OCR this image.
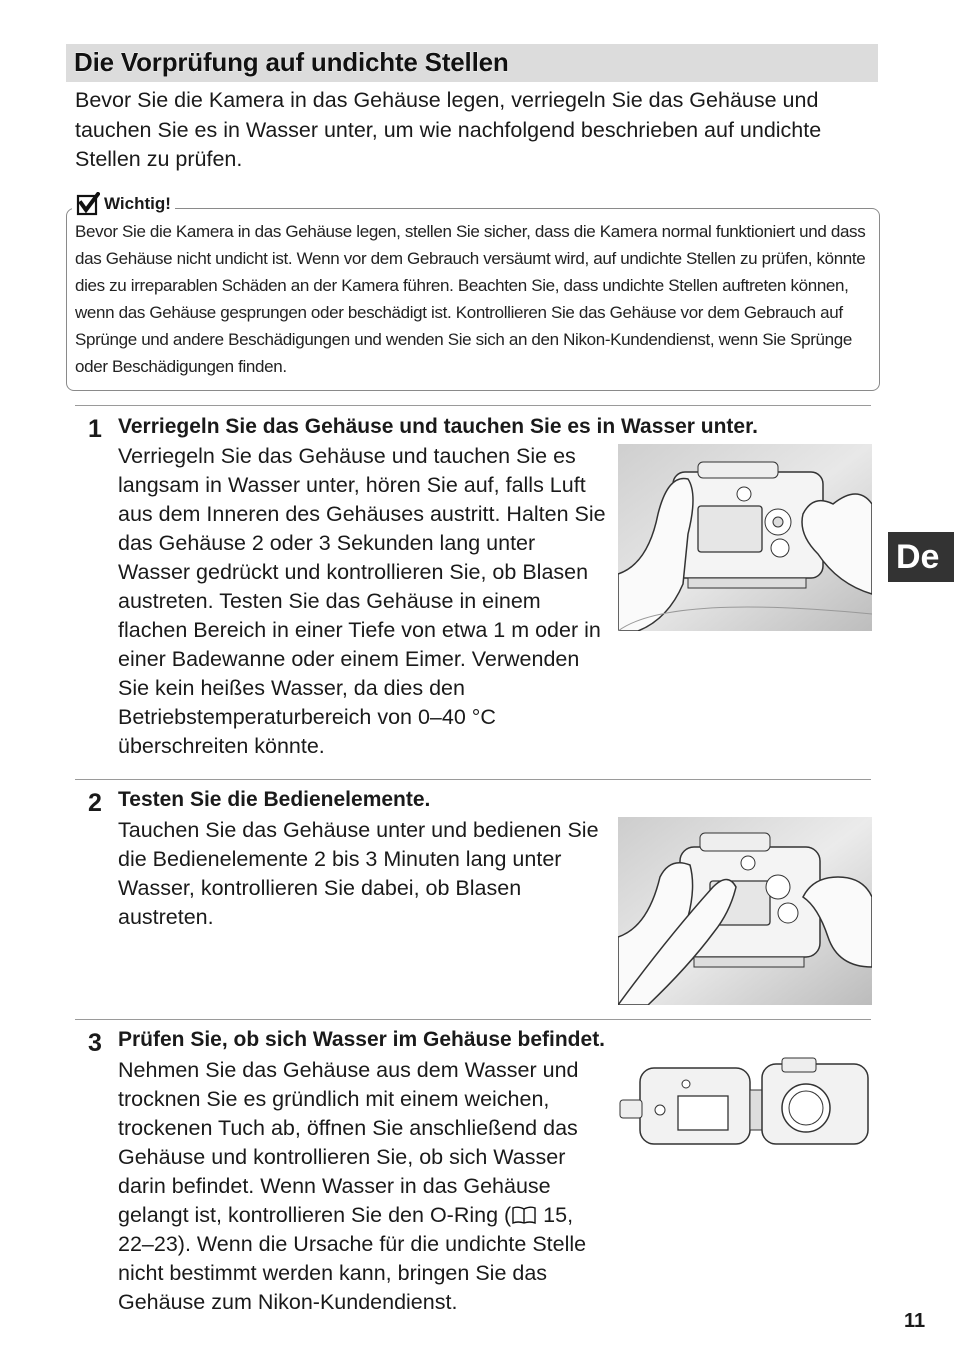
Die Vorprüfung auf undichte Stellen

Bevor Sie die Kamera in das Gehäuse legen, verriegeln Sie das Gehäuse und tauchen Sie es in Wasser unter, um wie nachfolgend beschrieben auf undichte Stellen zu prüfen.

Wichtig!

Bevor Sie die Kamera in das Gehäuse legen, stellen Sie sicher, dass die Kamera normal funktioniert und dass das Gehäuse nicht undicht ist. Wenn vor dem Gebrauch versäumt wird, auf undichte Stellen zu prüfen, könnte dies zu irreparablen Schäden an der Kamera führen. Beachten Sie, dass undichte Stellen auftreten können, wenn das Gehäuse gesprungen oder beschädigt ist. Kontrollieren Sie das Gehäuse vor dem Gebrauch auf Sprünge und andere Beschädigungen und wenden Sie sich an den Nikon-Kundendienst, wenn Sie Sprünge oder Beschädigungen finden.

1 Verriegeln Sie das Gehäuse und tauchen Sie es in Wasser unter.

Verriegeln Sie das Gehäuse und tauchen Sie es langsam in Wasser unter, hören Sie auf, falls Luft aus dem Inneren des Gehäuses austritt. Halten Sie das Gehäuse 2 oder 3 Sekunden lang unter Wasser gedrückt und kontrollieren Sie, ob Blasen austreten. Testen Sie das Gehäuse in einem flachen Bereich in einer Tiefe von etwa 1 m oder in einer Badewanne oder einem Eimer. Verwenden Sie kein heißes Wasser, da dies den Betriebstemperaturbereich von 0–40 °C überschreiten könnte.

2 Testen Sie die Bedienelemente.

Tauchen Sie das Gehäuse unter und bedienen Sie die Bedienelemente 2 bis 3 Minuten lang unter Wasser, kontrollieren Sie dabei, ob Blasen austreten.

3 Prüfen Sie, ob sich Wasser im Gehäuse befindet.

Nehmen Sie das Gehäuse aus dem Wasser und trocknen Sie es gründlich mit einem weichen, trockenen Tuch ab, öffnen Sie anschließend das Gehäuse und kontrollieren Sie, ob sich Wasser darin befindet. Wenn Wasser in das Gehäuse gelangt ist, kontrollieren Sie den O-Ring ( 15, 22–23). Wenn die Ursache für die undichte Stelle nicht bestimmt werden kann, bringen Sie das Gehäuse zum Nikon-Kundendienst.

De
11
